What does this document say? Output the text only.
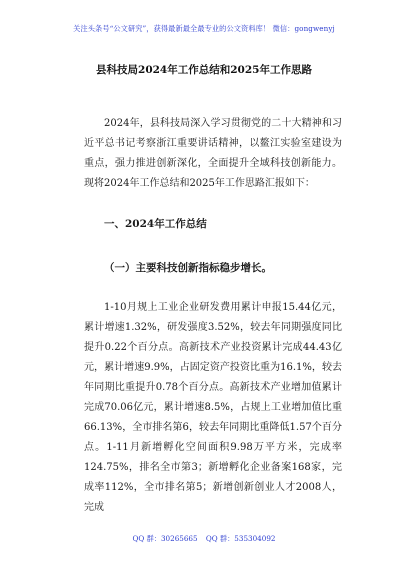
关注头条号“公文研究”，获得最新最全最专业的公文资料库！ 微信：gongwenyj
县科技局2024年工作总结和2025年工作思路

2024年，县科技局深入学习贯彻党的二十大精神和习近平总书记考察浙江重要讲话精神，以鳌江实验室建设为重点，强力推进创新深化，全面提升全域科技创新能力。现将2024年工作总结和2025年工作思路汇报如下：

一、2024年工作总结
（一）主要科技创新指标稳步增长。

1-10月规上工业企业研发费用累计申报15.44亿元，累计增速1.32%，研发强度3.52%，较去年同期强度同比提升0.22个百分点。高新技术产业投资累计完成44.43亿元，累计增速9.9%，占固定资产投资比重为16.1%，较去年同期比重提升0.78个百分点。高新技术产业增加值累计完成70.06亿元，累计增速8.5%，占规上工业增加值比重66.13%，全市排名第6，较去年同期比重降低1.57个百分点。1-11月新增孵化空间面积9.98万平方米，完成率124.75%，排名全市第3；新增孵化企业备案168家，完成率112%，全市排名第5；新增创新创业人才2008人，完成

QQ 群：30265665 QQ 群：535304092
